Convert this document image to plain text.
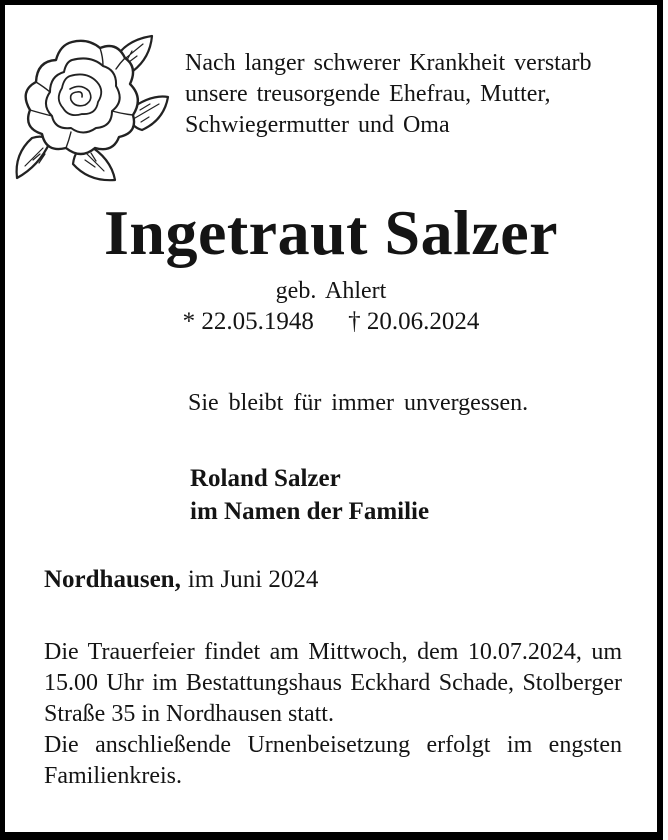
Nach langer schwerer Krankheit verstarb
unsere treusorgende Ehefrau, Mutter,
Schwiegermutter und Oma
Ingetraut Salzer
geb. Ahlert
* 22.05.1948 † 20.06.2024
Sie bleibt für immer unvergessen.
Roland Salzer
im Namen der Familie
Nordhausen, im Juni 2024

Die Trauerfeier findet am Mittwoch, dem 10.07.2024, um 15.00 Uhr im Bestattungshaus Eckhard Schade, Stolberger Straße 35 in Nordhausen statt.

Die anschließende Urnenbeisetzung erfolgt im engsten Familienkreis.
